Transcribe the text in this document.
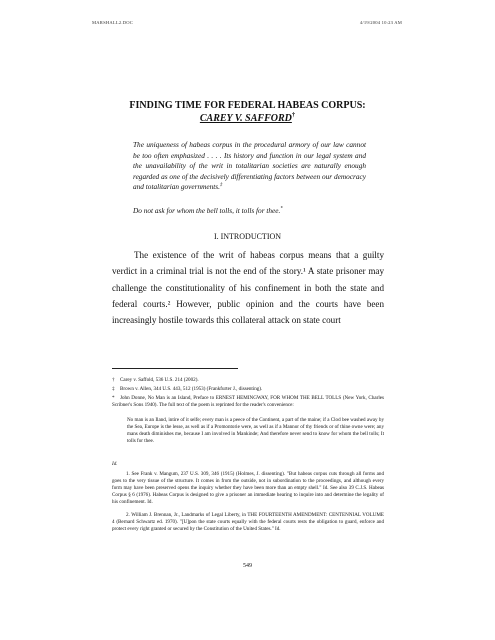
MARSHALL2.DOC	4/19/2004 10:23 AM
FINDING TIME FOR FEDERAL HABEAS CORPUS:
CAREY V. SAFFORD†
The uniqueness of habeas corpus in the procedural armory of our law cannot be too often emphasized . . . . Its history and function in our legal system and the unavailability of the writ in totalitarian societies are naturally enough regarded as one of the decisively differentiating factors between our democracy and totalitarian governments.‡
Do not ask for whom the bell tolls, it tolls for thee.*
I. INTRODUCTION
The existence of the writ of habeas corpus means that a guilty verdict in a criminal trial is not the end of the story.¹ A state prisoner may challenge the constitutionality of his confinement in both the state and federal courts.² However, public opinion and the courts have been increasingly hostile towards this collateral attack on state court
† Carey v. Saffold, 536 U.S. 214 (2002).
‡ Brown v. Allen, 344 U.S. 443, 512 (1953) (Frankfurter J., dissenting).
* John Donne, No Man is an Island, Preface to ERNEST HEMINGWAY, FOR WHOM THE BELL TOLLS (New York, Charles Scribner's Sons 1940). The full text of the poem is reprinted for the reader's convenience:
No man is an Iland, intire of it selfe; every man is a peece of the Continent, a part of the maine; if a Clod bee washed away by the Sea, Europe is the lesse, as well as if a Promontorie were, as well as if a Mannor of thy friends or of thine owne were; any mans death diminishes me, because I am involved in Mankinde; And therefore never send to know for whom the bell tolls; It tolls for thee.
Id.
1. See Frank v. Mangum, 237 U.S. 309, 346 (1915) (Holmes, J. dissenting). "But habeas corpus cuts through all forms and goes to the very tissue of the structure. It comes in from the outside, not in subordination to the proceedings, and although every form may have been preserved opens the inquiry whether they have been more than an empty shell." Id. See also 39 C.J.S. Habeas Corpus § 6 (1976). Habeas Corpus is designed to give a prisoner an immediate hearing to inquire into and determine the legality of his confinement. Id.
2. William J. Brennan, Jr., Landmarks of Legal Liberty, in THE FOURTEENTH AMENDMENT: CENTENNIAL VOLUME 4 (Bernard Schwartz ed. 1970). "[U]pon the state courts equally with the federal courts rests the obligation to guard, enforce and protect every right granted or secured by the Constitution of the United States." Id.
549
